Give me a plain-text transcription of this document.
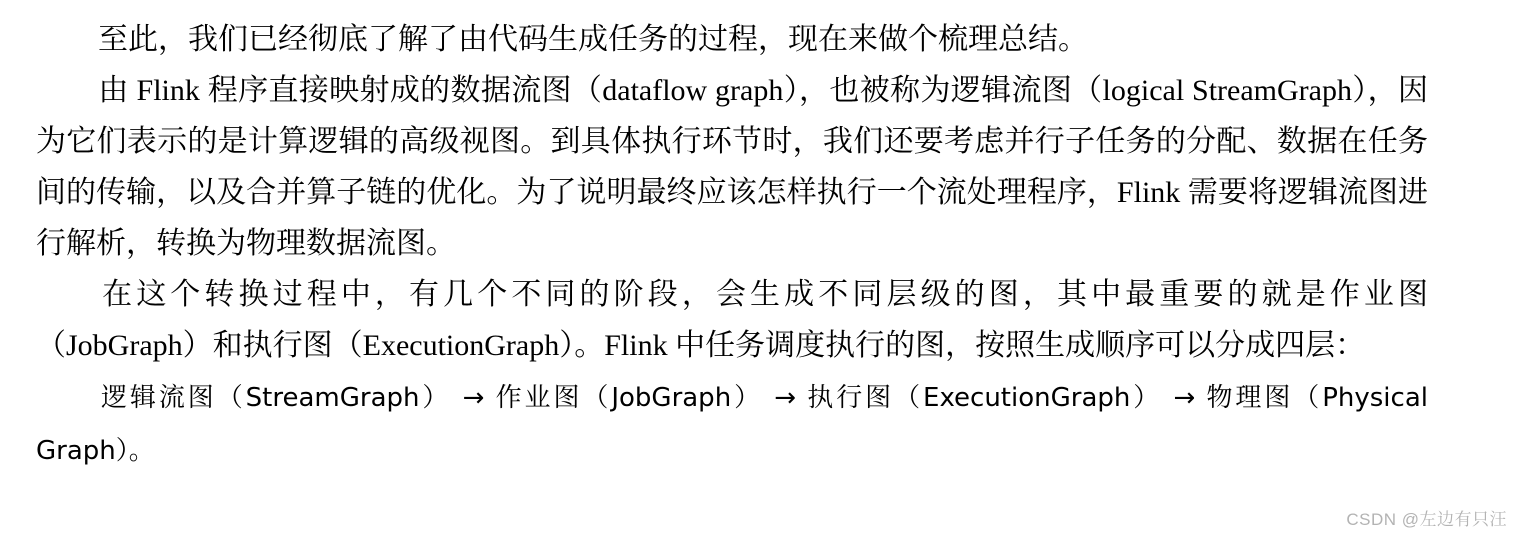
至此，我们已经彻底了解了由代码生成任务的过程，现在来做个梳理总结。

由 Flink 程序直接映射成的数据流图（dataflow graph），也被称为逻辑流图（logical StreamGraph），因为它们表示的是计算逻辑的高级视图。到具体执行环节时，我们还要考虑并行子任务的分配、数据在任务间的传输，以及合并算子链的优化。为了说明最终应该怎样执行一个流处理程序，Flink 需要将逻辑流图进行解析，转换为物理数据流图。

在这个转换过程中，有几个不同的阶段，会生成不同层级的图，其中最重要的就是作业图（JobGraph）和执行图（ExecutionGraph）。Flink 中任务调度执行的图，按照生成顺序可以分成四层：

逻辑流图（StreamGraph） → 作业图（JobGraph） → 执行图（ExecutionGraph） → 物理图（Physical Graph）。

CSDN @左边有只汪
